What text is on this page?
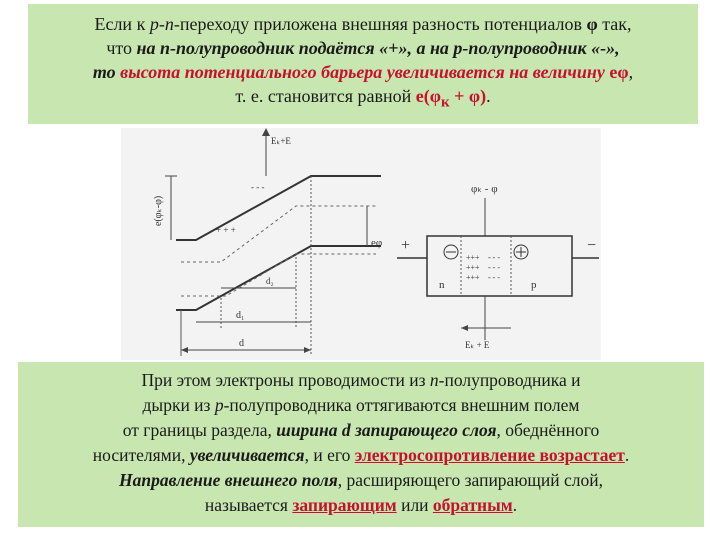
Если к p-n-переходу приложена внешняя разность потенциалов φ так,
что на n-полупроводник подаётся «+», а на p-полупроводник «-»,
то высота потенциального барьера увеличивается на величину eφ,
т. е. становится равной $e(\varphi_к + \varphi)$.
e(φₖ-φ)
Eₖ+E
- - -
+ + +
eφ
d₂
d₁
d
+	−
+++
+++
+++
- - -
- - -
- - -
n	p
φₖ - φ
Eₖ + E
При этом электроны проводимости из n-полупроводника и
дырки из p-полупроводника оттягиваются внешним полем
от границы раздела, ширина d запирающего слоя, обеднённого
носителями, увеличивается, и его электросопротивление возрастает.
Направление внешнего поля, расширяющего запирающий слой,
называется запирающим или обратным.
